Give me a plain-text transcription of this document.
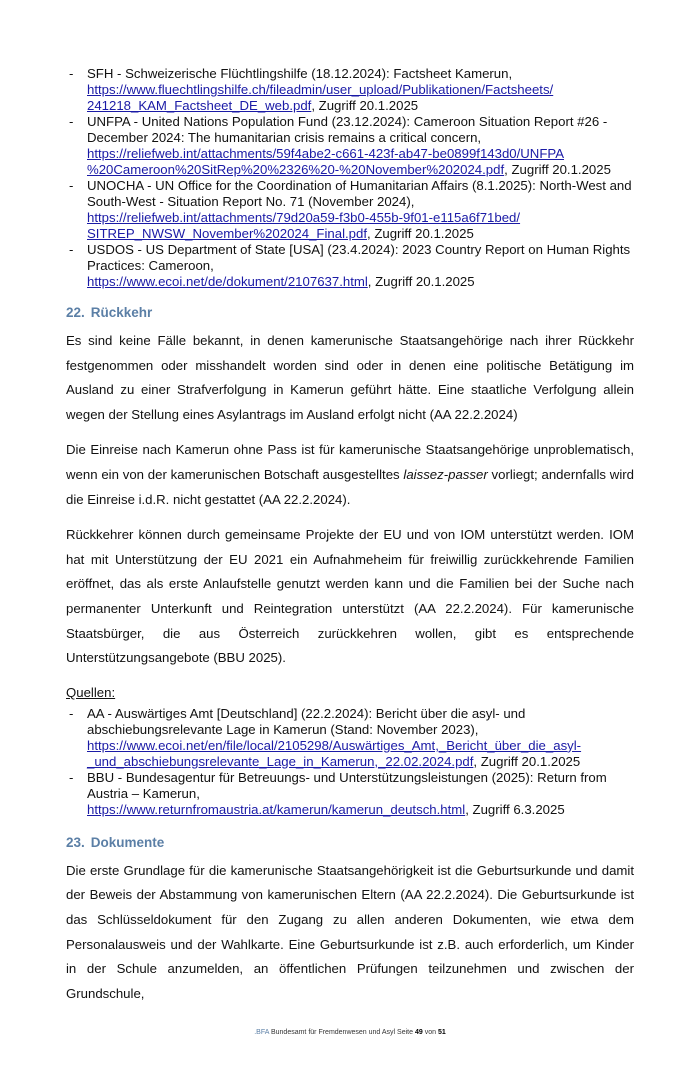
- SFH - Schweizerische Flüchtlingshilfe (18.12.2024): Factsheet Kamerun,
https://www.fluechtlingshilfe.ch/fileadmin/user_upload/Publikationen/Factsheets/
241218_KAM_Factsheet_DE_web.pdf, Zugriff 20.1.2025
- UNFPA - United Nations Population Fund (23.12.2024): Cameroon Situation Report #26 - December 2024: The humanitarian crisis remains a critical concern,
https://reliefweb.int/attachments/59f4abe2-c661-423f-ab47-be0899f143d0/UNFPA
%20Cameroon%20SitRep%20%2326%20-%20November%202024.pdf, Zugriff 20.1.2025
- UNOCHA - UN Office for the Coordination of Humanitarian Affairs (8.1.2025): North-West and South-West - Situation Report No. 71 (November 2024),
https://reliefweb.int/attachments/79d20a59-f3b0-455b-9f01-e115a6f71bed/
SITREP_NWSW_November%202024_Final.pdf, Zugriff 20.1.2025
- USDOS - US Department of State [USA] (23.4.2024): 2023 Country Report on Human Rights Practices: Cameroon,
https://www.ecoi.net/de/dokument/2107637.html, Zugriff 20.1.2025
22. Rückkehr

Es sind keine Fälle bekannt, in denen kamerunische Staatsangehörige nach ihrer Rückkehr festgenommen oder misshandelt worden sind oder in denen eine politische Betätigung im Ausland zu einer Strafverfolgung in Kamerun geführt hätte. Eine staatliche Verfolgung allein wegen der Stellung eines Asylantrags im Ausland erfolgt nicht (AA 22.2.2024)

Die Einreise nach Kamerun ohne Pass ist für kamerunische Staatsangehörige unproblematisch, wenn ein von der kamerunischen Botschaft ausgestelltes laissez-passer vorliegt; andernfalls wird die Einreise i.d.R. nicht gestattet (AA 22.2.2024).

Rückkehrer können durch gemeinsame Projekte der EU und von IOM unterstützt werden. IOM hat mit Unterstützung der EU 2021 ein Aufnahmeheim für freiwillig zurückkehrende Familien eröffnet, das als erste Anlaufstelle genutzt werden kann und die Familien bei der Suche nach permanenter Unterkunft und Reintegration unterstützt (AA 22.2.2024). Für kamerunische Staatsbürger, die aus Österreich zurückkehren wollen, gibt es entsprechende Unterstützungsangebote (BBU 2025).

Quellen:

- AA - Auswärtiges Amt [Deutschland] (22.2.2024): Bericht über die asyl- und abschiebungsrelevante Lage in Kamerun (Stand: November 2023),
https://www.ecoi.net/en/file/local/2105298/Auswärtiges_Amt,_Bericht_über_die_asyl-
_und_abschiebungsrelevante_Lage_in_Kamerun,_22.02.2024.pdf, Zugriff 20.1.2025
- BBU - Bundesagentur für Betreuungs- und Unterstützungsleistungen (2025): Return from Austria – Kamerun,
https://www.returnfromaustria.at/kamerun/kamerun_deutsch.html, Zugriff 6.3.2025
23. Dokumente

Die erste Grundlage für die kamerunische Staatsangehörigkeit ist die Geburtsurkunde und damit der Beweis der Abstammung von kamerunischen Eltern (AA 22.2.2024). Die Geburtsurkunde ist das Schlüsseldokument für den Zugang zu allen anderen Dokumenten, wie etwa dem Personalausweis und der Wahlkarte. Eine Geburtsurkunde ist z.B. auch erforderlich, um Kinder in der Schule anzumelden, an öffentlichen Prüfungen teilzunehmen und zwischen der Grundschule,

.BFA Bundesamt für Fremdenwesen und Asyl Seite 49 von 51
